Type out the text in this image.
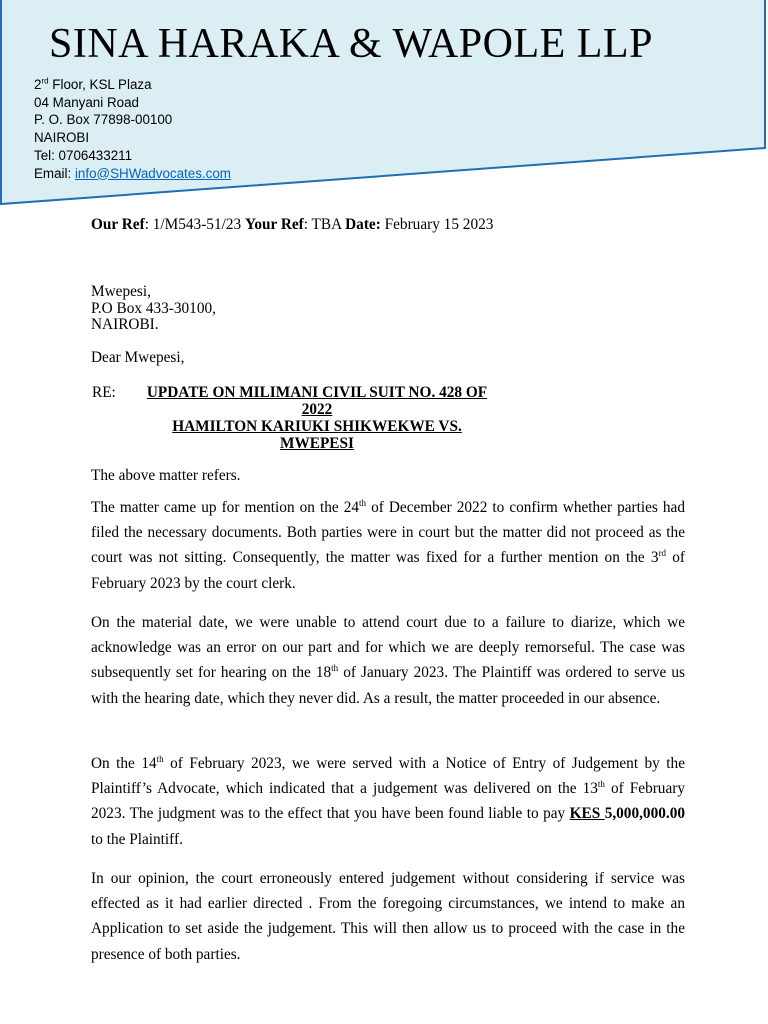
SINA HARAKA & WAPOLE LLP
2rd Floor, KSL Plaza
04 Manyani Road
P. O. Box 77898-00100
NAIROBI
Tel: 0706433211
Email: info@SHWadvocates.com
Our Ref: 1/M543-51/23 Your Ref: TBA Date: February 15 2023
Mwepesi,
P.O Box 433-30100,
NAIROBI.
Dear Mwepesi,
RE:	UPDATE ON MILIMANI CIVIL SUIT NO. 428 OF
2022
HAMILTON KARIUKI SHIKWEKWE VS.
MWEPESI
The above matter refers.
The matter came up for mention on the 24th of December 2022 to confirm whether parties had filed the necessary documents. Both parties were in court but the matter did not proceed as the court was not sitting. Consequently, the matter was fixed for a further mention on the 3rd of February 2023 by the court clerk.
On the material date, we were unable to attend court due to a failure to diarize, which we acknowledge was an error on our part and for which we are deeply remorseful. The case was subsequently set for hearing on the 18th of January 2023. The Plaintiff was ordered to serve us with the hearing date, which they never did. As a result, the matter proceeded in our absence.
On the 14th of February 2023, we were served with a Notice of Entry of Judgement by the Plaintiff’s Advocate, which indicated that a judgement was delivered on the 13th of February 2023. The judgment was to the effect that you have been found liable to pay KES 5,000,000.00 to the Plaintiff.
In our opinion, the court erroneously entered judgement without considering if service was effected as it had earlier directed . From the foregoing circumstances, we intend to make an Application to set aside the judgement. This will then allow us to proceed with the case in the presence of both parties.
